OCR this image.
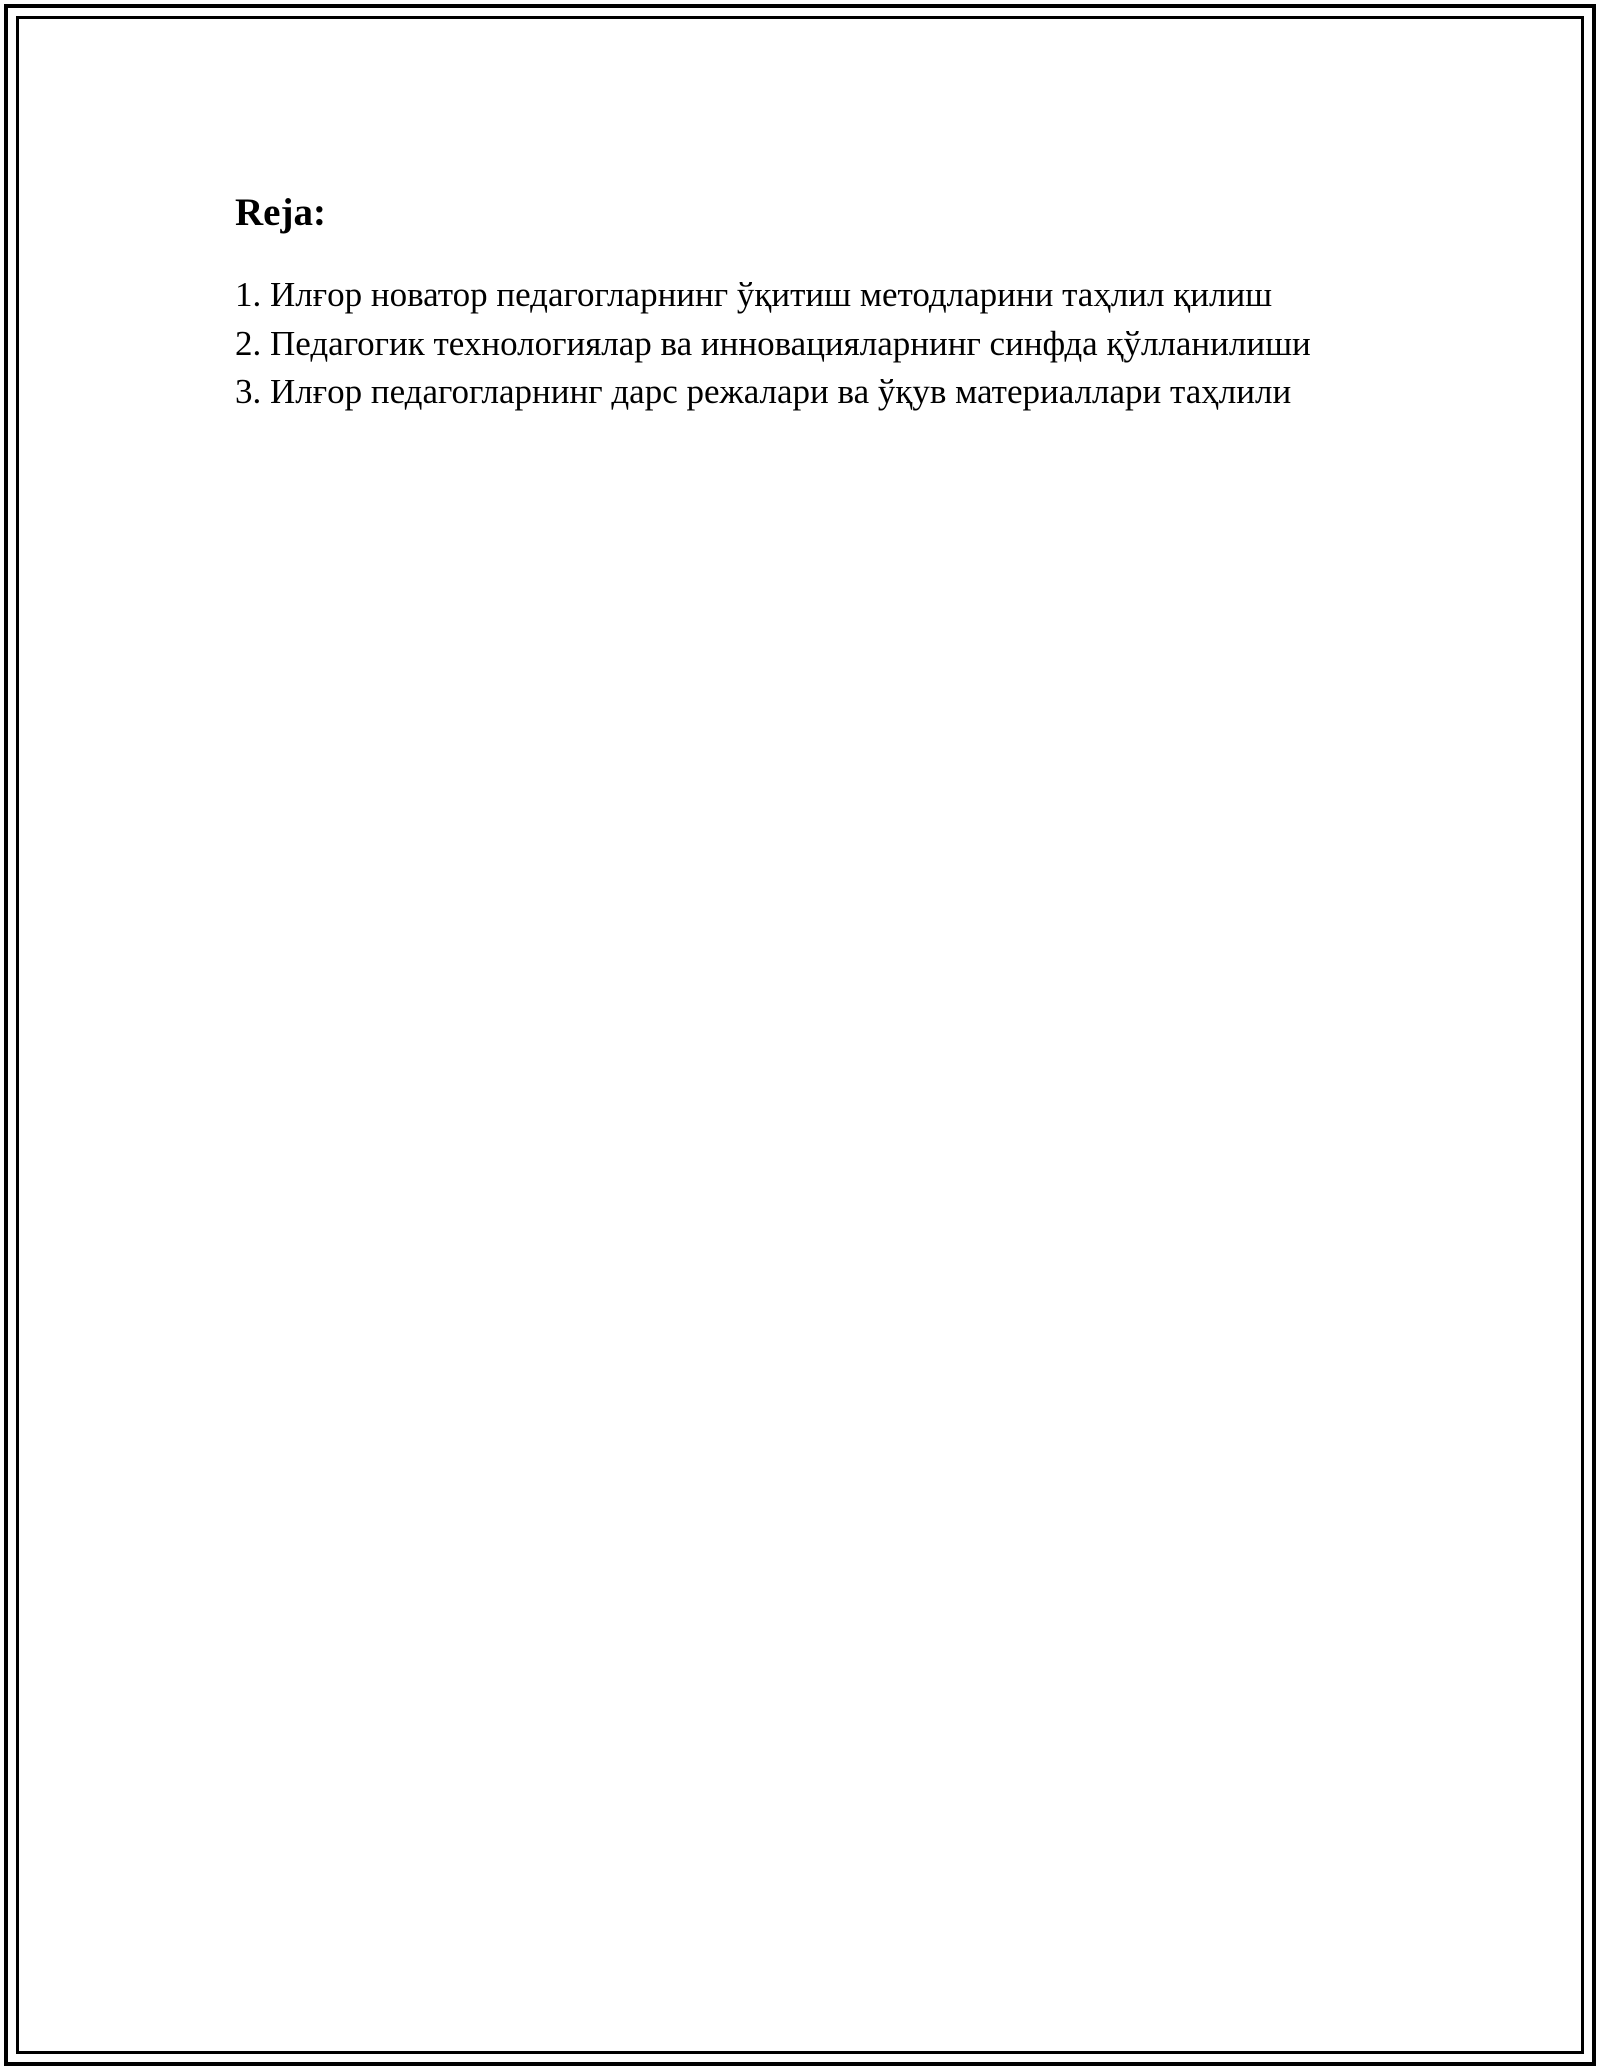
Reja:
1. Илғор новатор педагогларнинг ўқитиш методларини таҳлил қилиш
2. Педагогик технологиялар ва инновацияларнинг синфда қўлланилиши
3. Илғор педагогларнинг дарс режалари ва ўқув материаллари таҳлили
